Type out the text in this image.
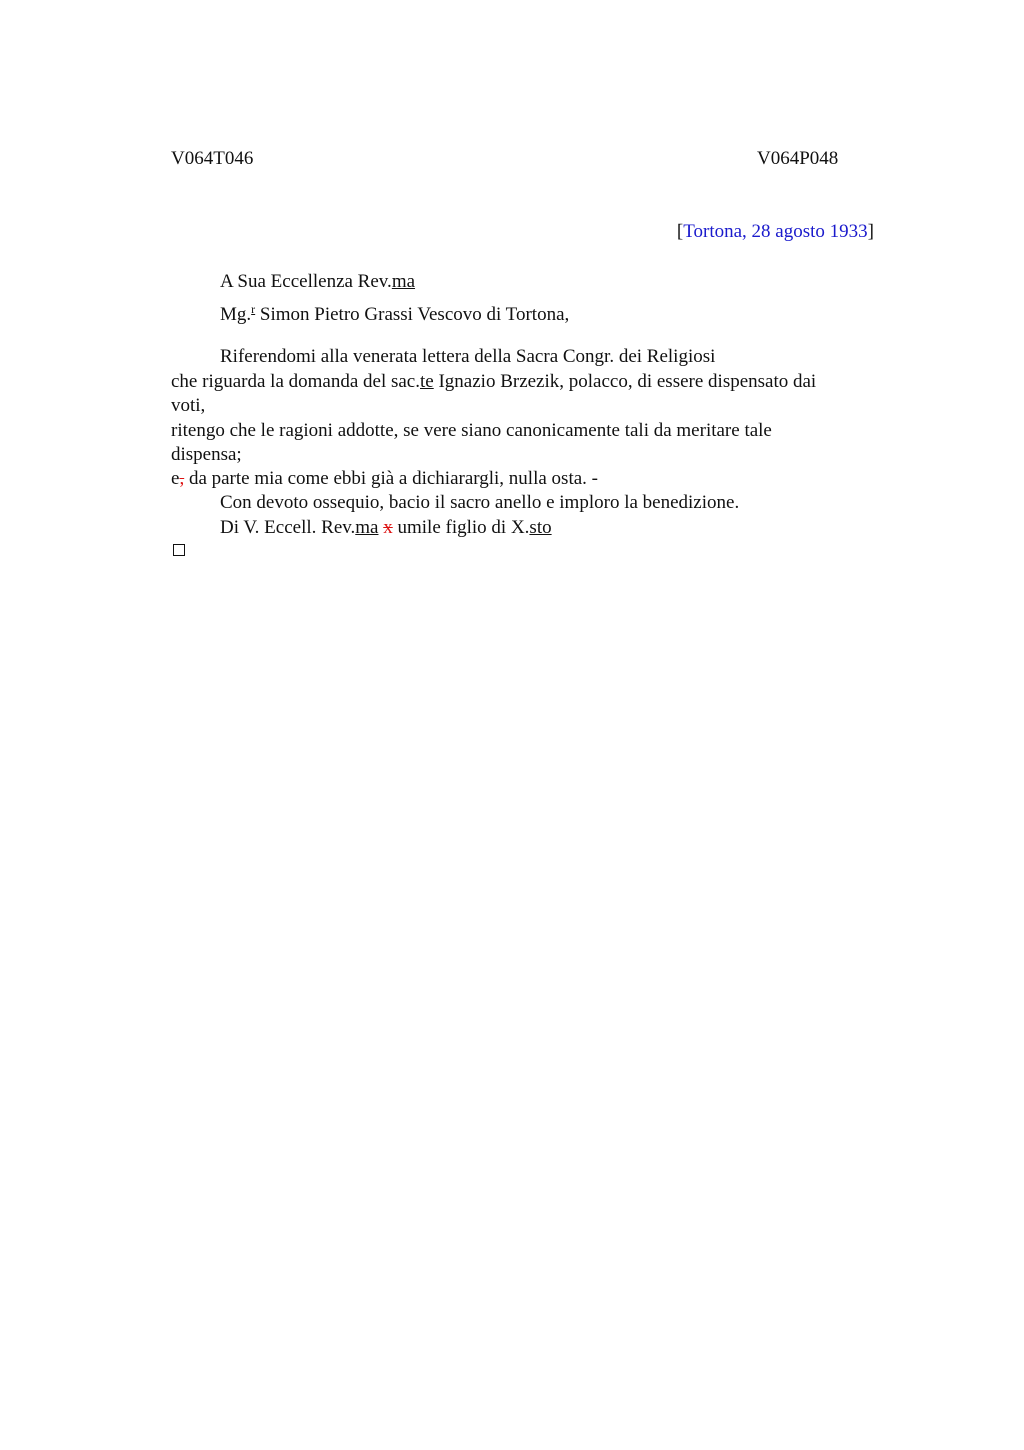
V064T046	V064P048
[Tortona, 28 agosto 1933]
A Sua Eccellenza Rev.ma
Mg.$^r$ Simon Pietro Grassi Vescovo di Tortona,
Riferendomi alla venerata lettera della Sacra Congr. dei Religiosi
che riguarda la domanda del sac.te Ignazio Brzezik, polacco, di essere dispensato dai
voti,
ritengo che le ragioni addotte, se vere siano canonicamente tali da meritare tale
dispensa;
e, da parte mia come ebbi già a dichiarargli, nulla osta. -
Con devoto ossequio, bacio il sacro anello e imploro la benedizione.
Di V. Eccell. Rev.ma x umile figlio di X.sto
